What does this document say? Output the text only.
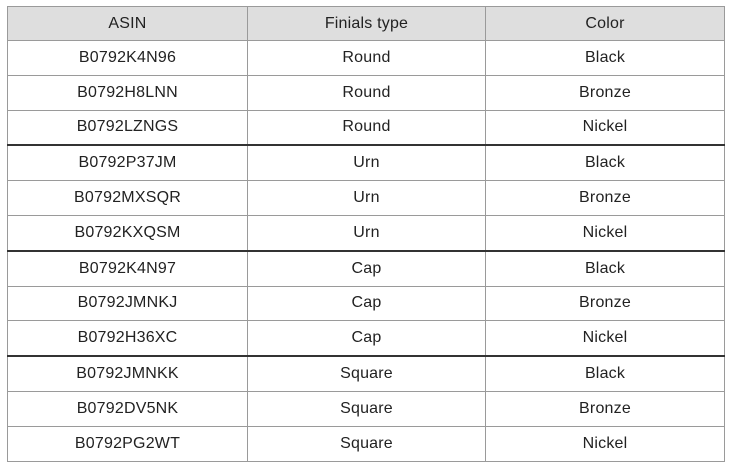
ASIN	Finials type	Color
B0792K4N96	Round	Black
B0792H8LNN	Round	Bronze
B0792LZNGS	Round	Nickel
B0792P37JM	Urn	Black
B0792MXSQR	Urn	Bronze
B0792KXQSM	Urn	Nickel
B0792K4N97	Cap	Black
B0792JMNKJ	Cap	Bronze
B0792H36XC	Cap	Nickel
B0792JMNKK	Square	Black
B0792DV5NK	Square	Bronze
B0792PG2WT	Square	Nickel
